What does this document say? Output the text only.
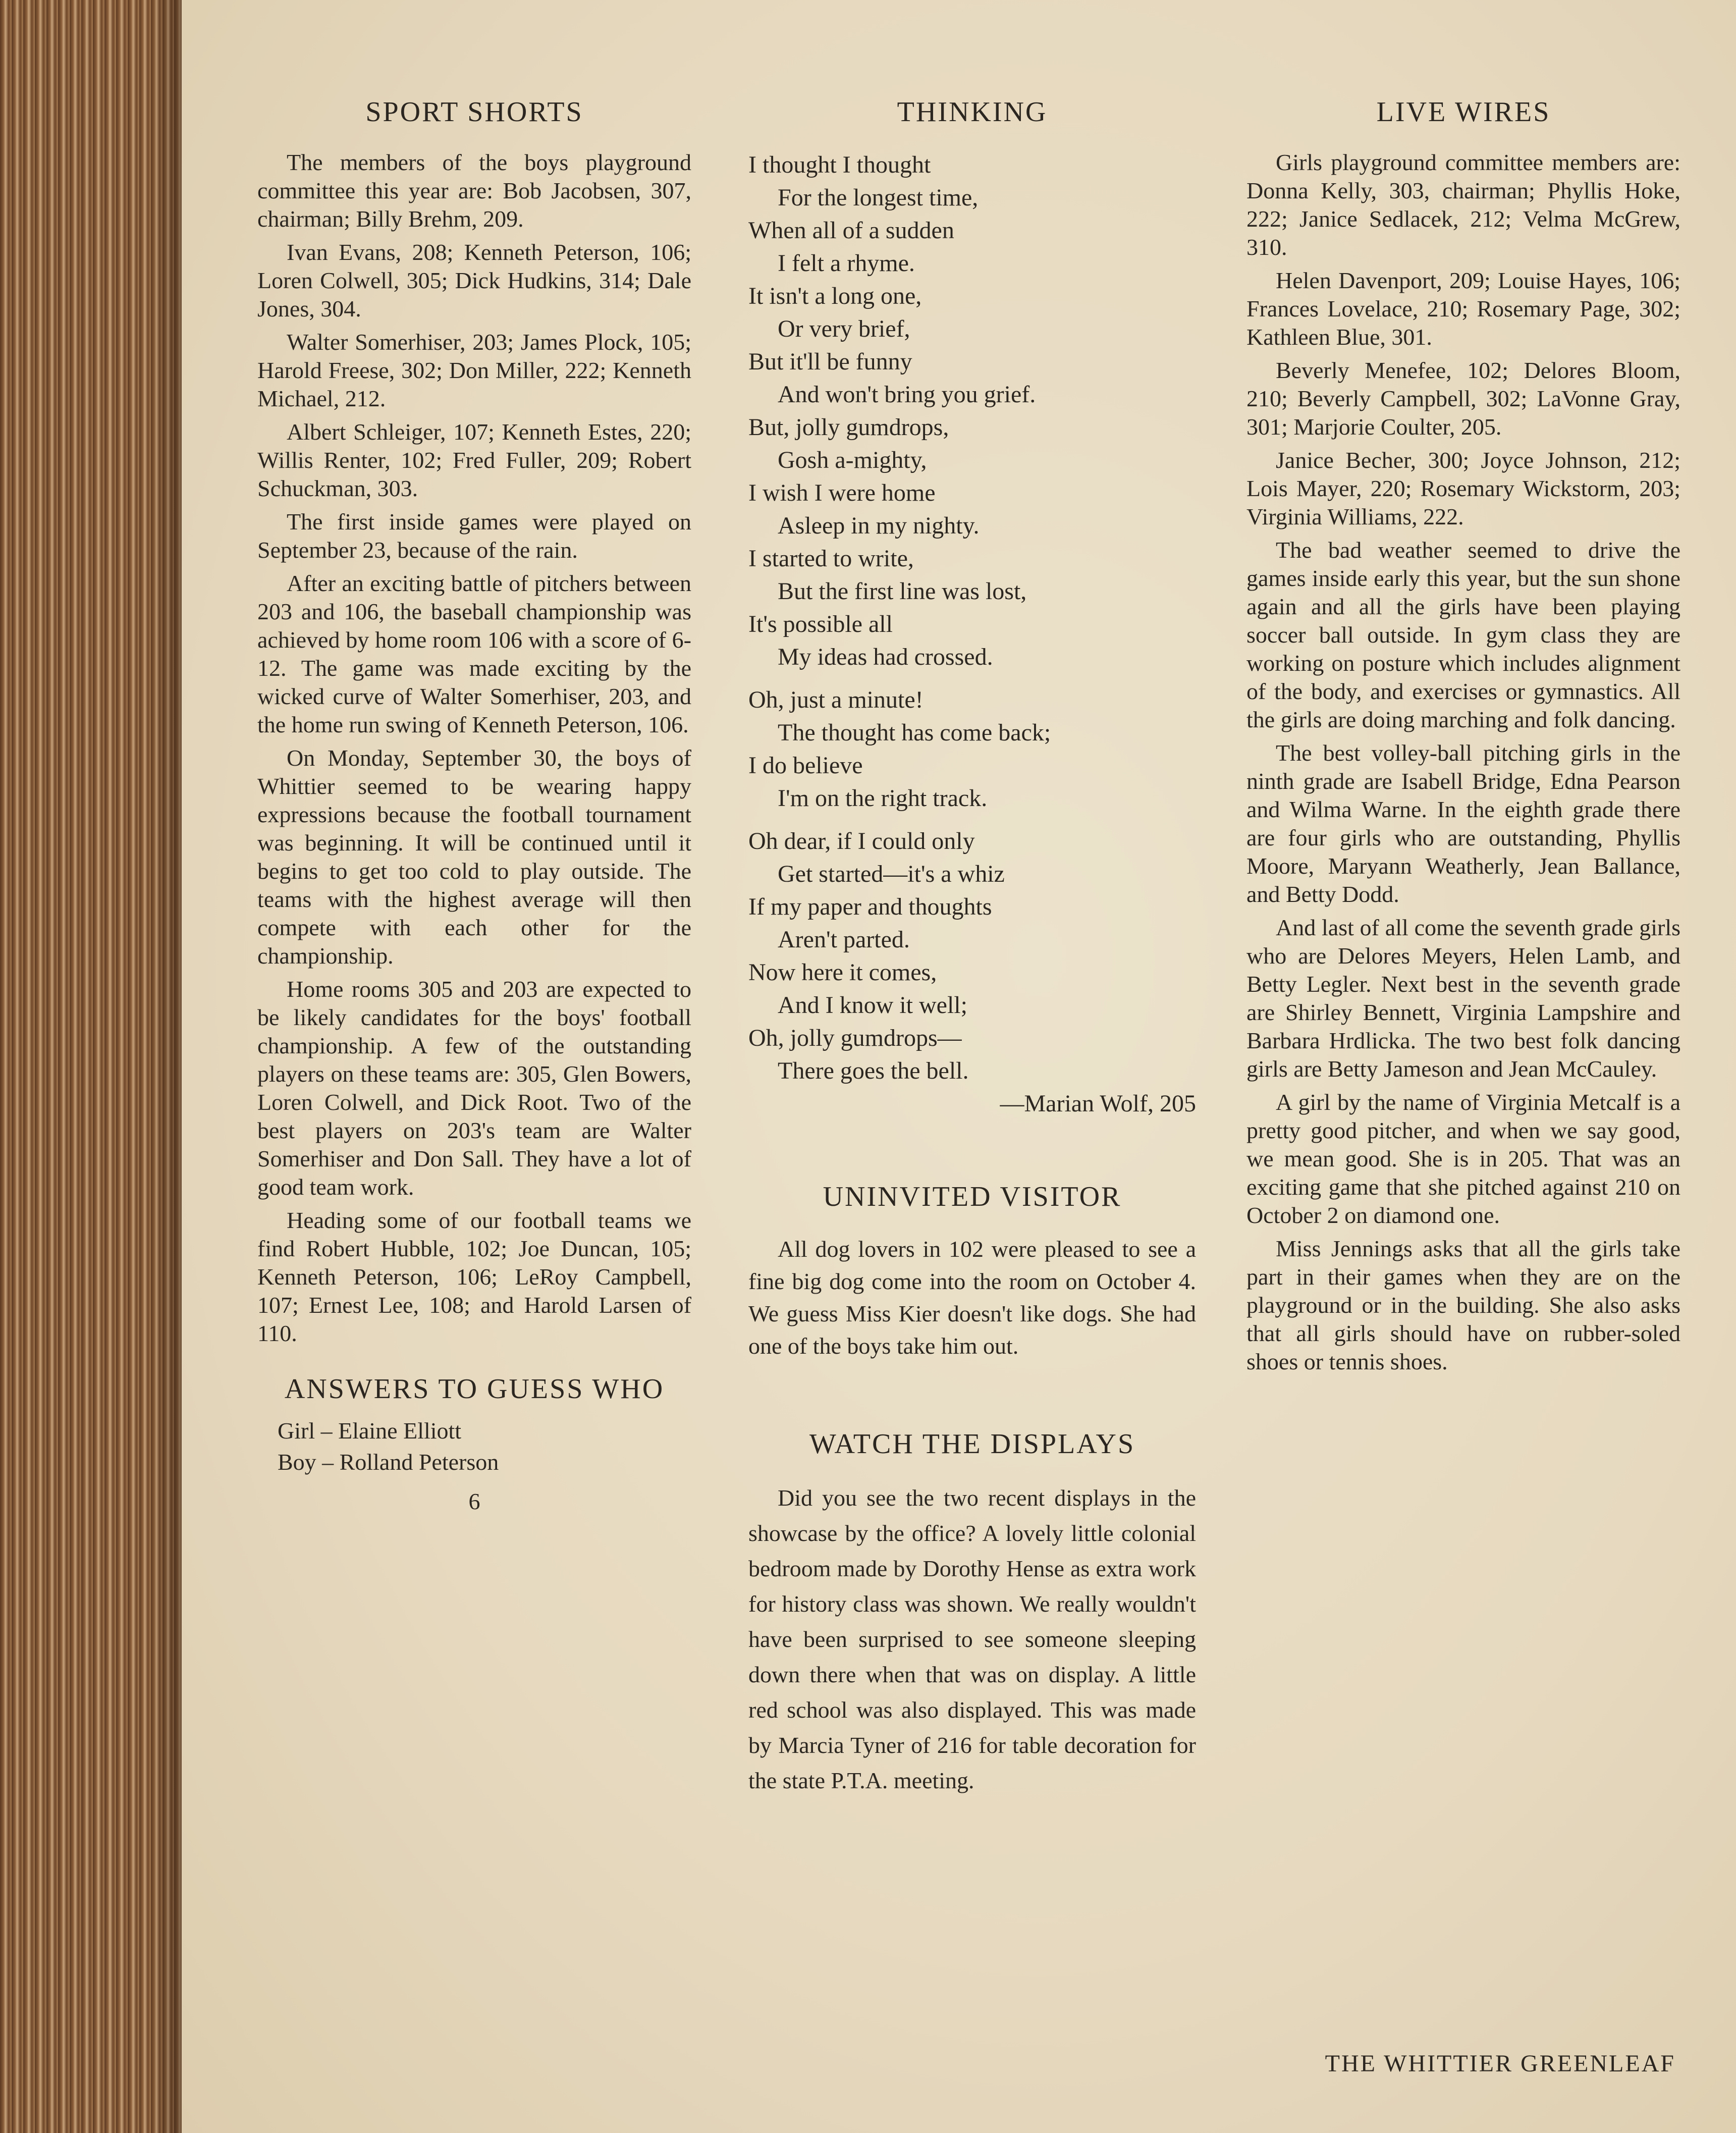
SPORT SHORTS

The members of the boys playground committee this year are: Bob Jacobsen, 307, chairman; Billy Brehm, 209.

Ivan Evans, 208; Kenneth Peterson, 106; Loren Colwell, 305; Dick Hudkins, 314; Dale Jones, 304.

Walter Somerhiser, 203; James Plock, 105; Harold Freese, 302; Don Miller, 222; Kenneth Michael, 212.

Albert Schleiger, 107; Kenneth Estes, 220; Willis Renter, 102; Fred Fuller, 209; Robert Schuckman, 303.

The first inside games were played on September 23, because of the rain.

After an exciting battle of pitchers between 203 and 106, the baseball championship was achieved by home room 106 with a score of 6-12. The game was made exciting by the wicked curve of Walter Somerhiser, 203, and the home run swing of Kenneth Peterson, 106.

On Monday, September 30, the boys of Whittier seemed to be wearing happy expressions because the football tournament was beginning. It will be continued until it begins to get too cold to play outside. The teams with the highest average will then compete with each other for the championship.

Home rooms 305 and 203 are expected to be likely candidates for the boys' football championship. A few of the outstanding players on these teams are: 305, Glen Bowers, Loren Colwell, and Dick Root. Two of the best players on 203's team are Walter Somerhiser and Don Sall. They have a lot of good team work.

Heading some of our football teams we find Robert Hubble, 102; Joe Duncan, 105; Kenneth Peterson, 106; LeRoy Campbell, 107; Ernest Lee, 108; and Harold Larsen of 110.

ANSWERS TO GUESS WHO
Girl – Elaine Elliott
Boy – Rolland Peterson
6
THINKING
I thought I thought
For the longest time,
When all of a sudden
I felt a rhyme.
It isn't a long one,
Or very brief,
But it'll be funny
And won't bring you grief.
But, jolly gumdrops,
Gosh a-mighty,
I wish I were home
Asleep in my nighty.
I started to write,
But the first line was lost,
It's possible all
My ideas had crossed.
Oh, just a minute!
The thought has come back;
I do believe
I'm on the right track.
Oh dear, if I could only
Get started—it's a whiz
If my paper and thoughts
Aren't parted.
Now here it comes,
And I know it well;
Oh, jolly gumdrops—
There goes the bell.
—Marian Wolf, 205
UNINVITED VISITOR

All dog lovers in 102 were pleased to see a fine big dog come into the room on October 4. We guess Miss Kier doesn't like dogs. She had one of the boys take him out.

WATCH THE DISPLAYS

Did you see the two recent displays in the showcase by the office? A lovely little colonial bedroom made by Dorothy Hense as extra work for history class was shown. We really wouldn't have been surprised to see someone sleeping down there when that was on display. A little red school was also displayed. This was made by Marcia Tyner of 216 for table decoration for the state P.T.A. meeting.

LIVE WIRES

Girls playground committee members are: Donna Kelly, 303, chairman; Phyllis Hoke, 222; Janice Sedlacek, 212; Velma McGrew, 310.

Helen Davenport, 209; Louise Hayes, 106; Frances Lovelace, 210; Rosemary Page, 302; Kathleen Blue, 301.

Beverly Menefee, 102; Delores Bloom, 210; Beverly Campbell, 302; LaVonne Gray, 301; Marjorie Coulter, 205.

Janice Becher, 300; Joyce Johnson, 212; Lois Mayer, 220; Rosemary Wickstorm, 203; Virginia Williams, 222.

The bad weather seemed to drive the games inside early this year, but the sun shone again and all the girls have been playing soccer ball outside. In gym class they are working on posture which includes alignment of the body, and exercises or gymnastics. All the girls are doing marching and folk dancing.

The best volley-ball pitching girls in the ninth grade are Isabell Bridge, Edna Pearson and Wilma Warne. In the eighth grade there are four girls who are outstanding, Phyllis Moore, Maryann Weatherly, Jean Ballance, and Betty Dodd.

And last of all come the seventh grade girls who are Delores Meyers, Helen Lamb, and Betty Legler. Next best in the seventh grade are Shirley Bennett, Virginia Lampshire and Barbara Hrdlicka. The two best folk dancing girls are Betty Jameson and Jean McCauley.

A girl by the name of Virginia Metcalf is a pretty good pitcher, and when we say good, we mean good. She is in 205. That was an exciting game that she pitched against 210 on October 2 on diamond one.

Miss Jennings asks that all the girls take part in their games when they are on the playground or in the building. She also asks that all girls should have on rubber-soled shoes or tennis shoes.

THE WHITTIER GREENLEAF
